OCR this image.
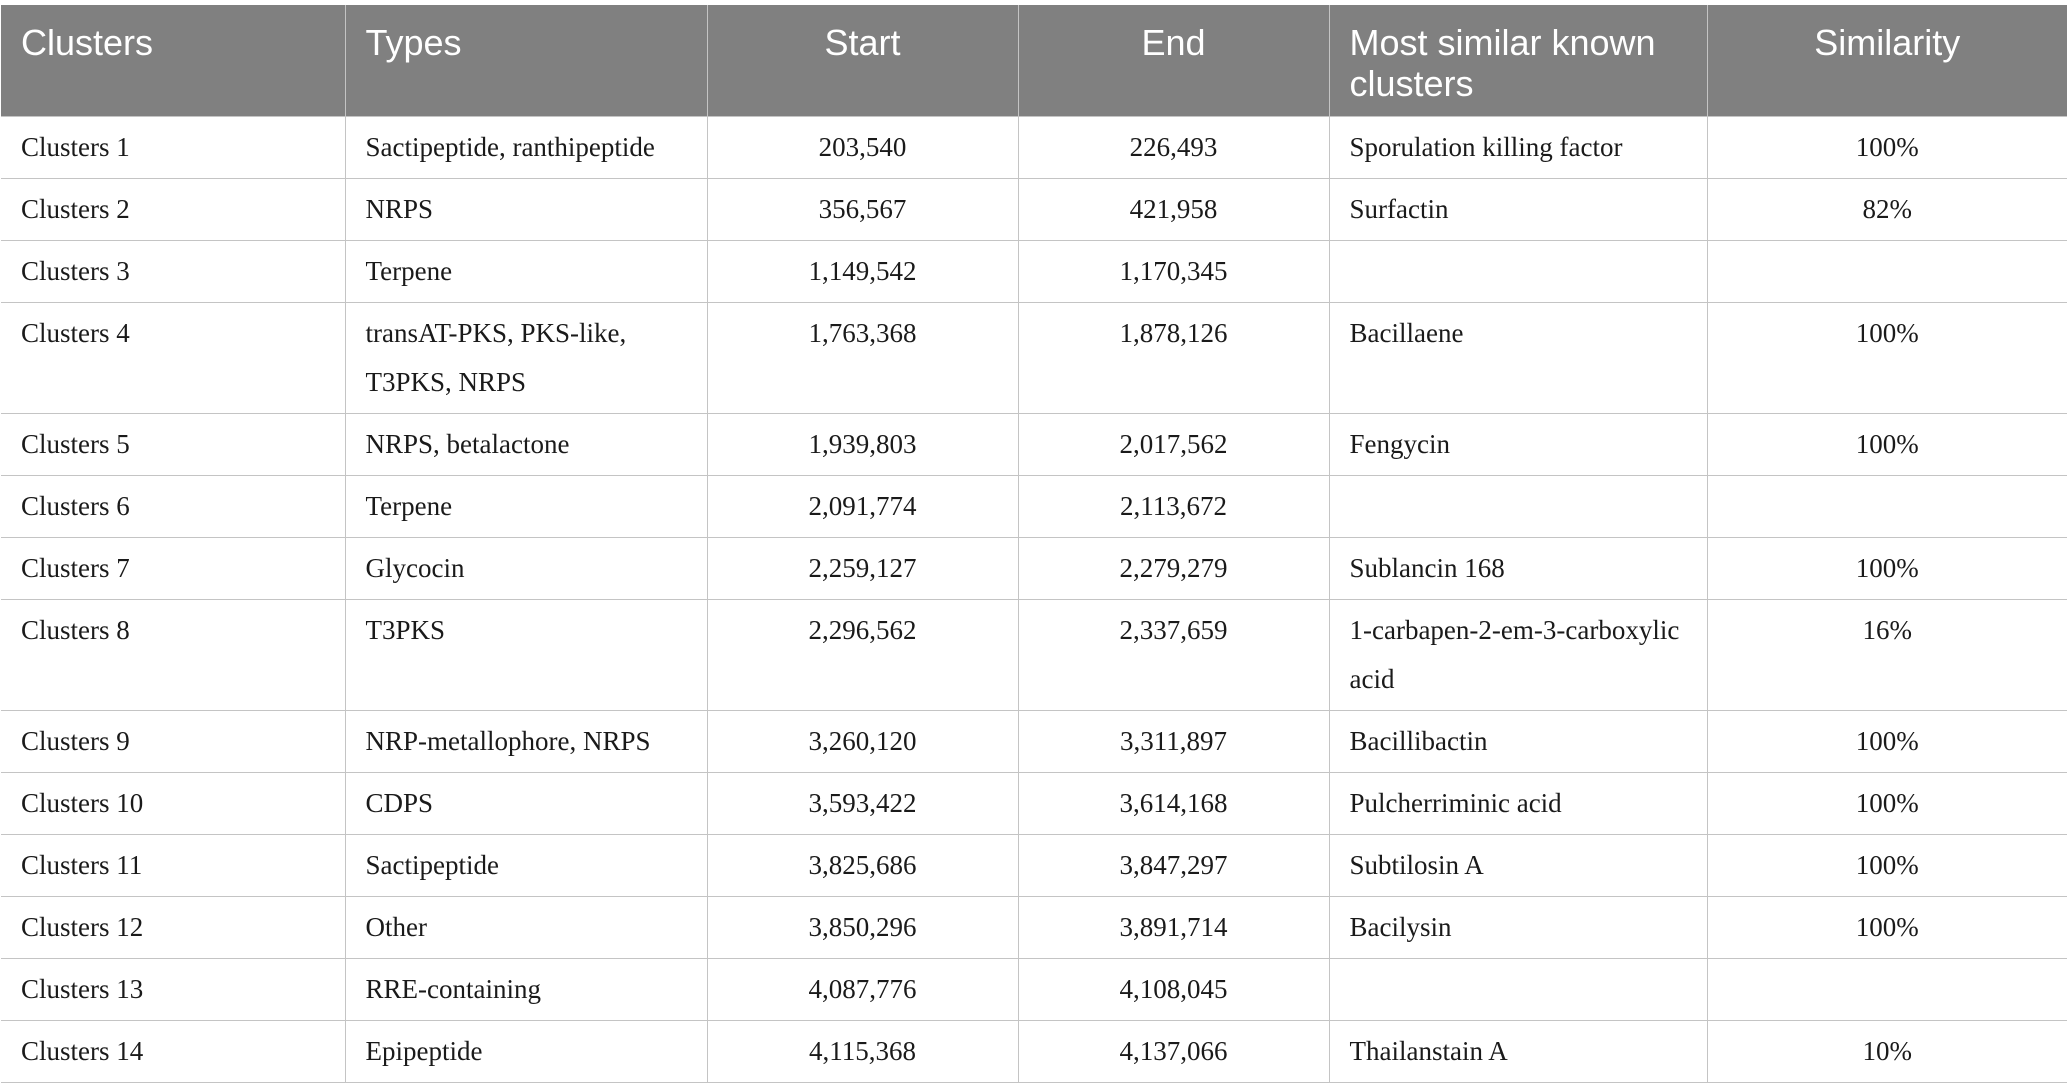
Clusters	Types	Start	End	Most similar known clusters	Similarity
Clusters 1	Sactipeptide, ranthipeptide	203,540	226,493	Sporulation killing factor	100%
Clusters 2	NRPS	356,567	421,958	Surfactin	82%
Clusters 3	Terpene	1,149,542	1,170,345		
Clusters 4	transAT-PKS, PKS-like, T3PKS, NRPS	1,763,368	1,878,126	Bacillaene	100%
Clusters 5	NRPS, betalactone	1,939,803	2,017,562	Fengycin	100%
Clusters 6	Terpene	2,091,774	2,113,672		
Clusters 7	Glycocin	2,259,127	2,279,279	Sublancin 168	100%
Clusters 8	T3PKS	2,296,562	2,337,659	1-carbapen-2-em-3-carboxylic acid	16%
Clusters 9	NRP-metallophore, NRPS	3,260,120	3,311,897	Bacillibactin	100%
Clusters 10	CDPS	3,593,422	3,614,168	Pulcherriminic acid	100%
Clusters 11	Sactipeptide	3,825,686	3,847,297	Subtilosin A	100%
Clusters 12	Other	3,850,296	3,891,714	Bacilysin	100%
Clusters 13	RRE-containing	4,087,776	4,108,045		
Clusters 14	Epipeptide	4,115,368	4,137,066	Thailanstain A	10%
